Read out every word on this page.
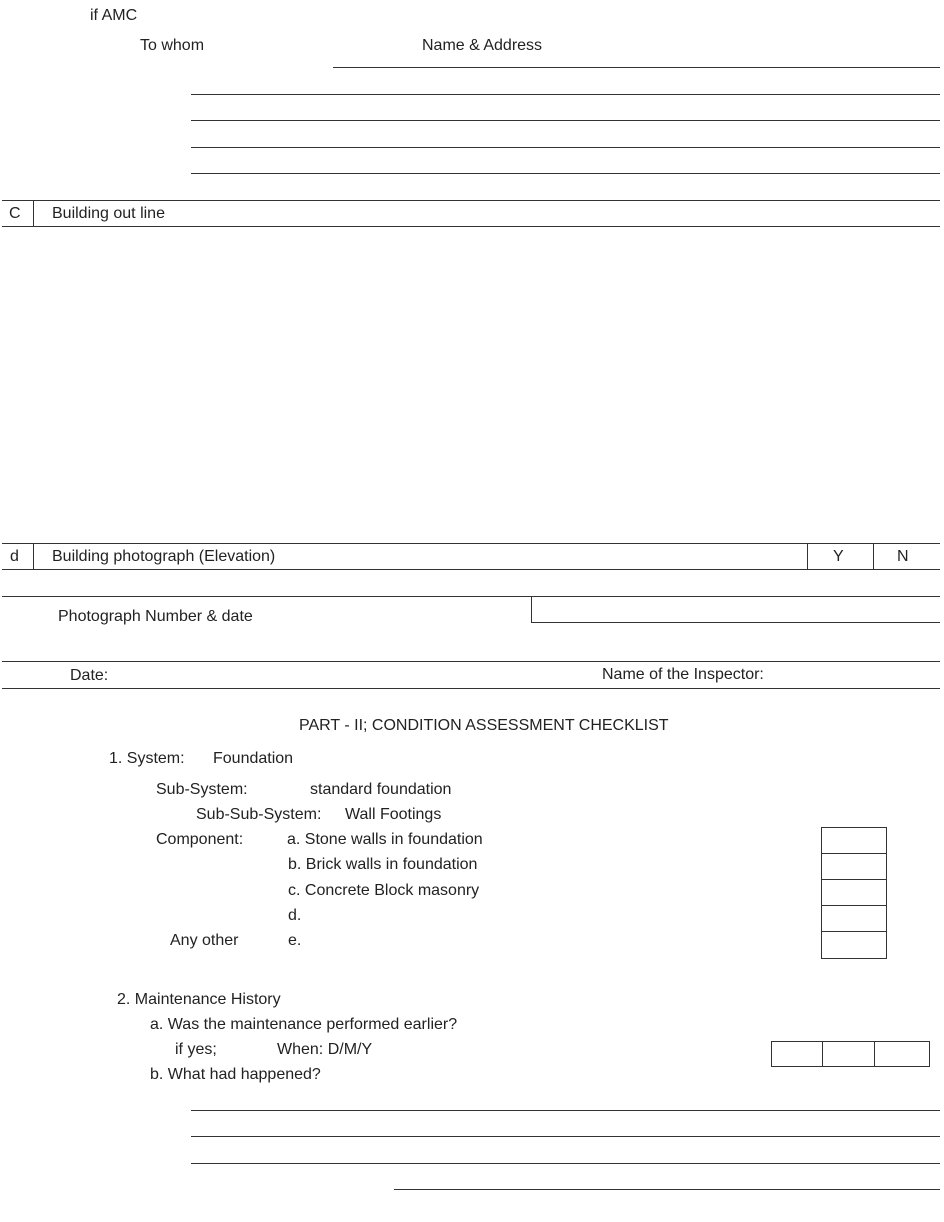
if AMC
To whom	Name & Address
C Building out line
d Building photograph (Elevation)	Y	N
Photograph Number & date
Date:	Name of the Inspector:
PART - II; CONDITION ASSESSMENT CHECKLIST
1. System: Foundation
Sub-System:	standard foundation
Sub-Sub-System: Wall Footings
Component:	a. Stone walls in foundation
b. Brick walls in foundation
c. Concrete Block masonry
d.
Any other	e.
2. Maintenance History
a. Was the maintenance performed earlier?
if yes;	When: D/M/Y
b. What had happened?
